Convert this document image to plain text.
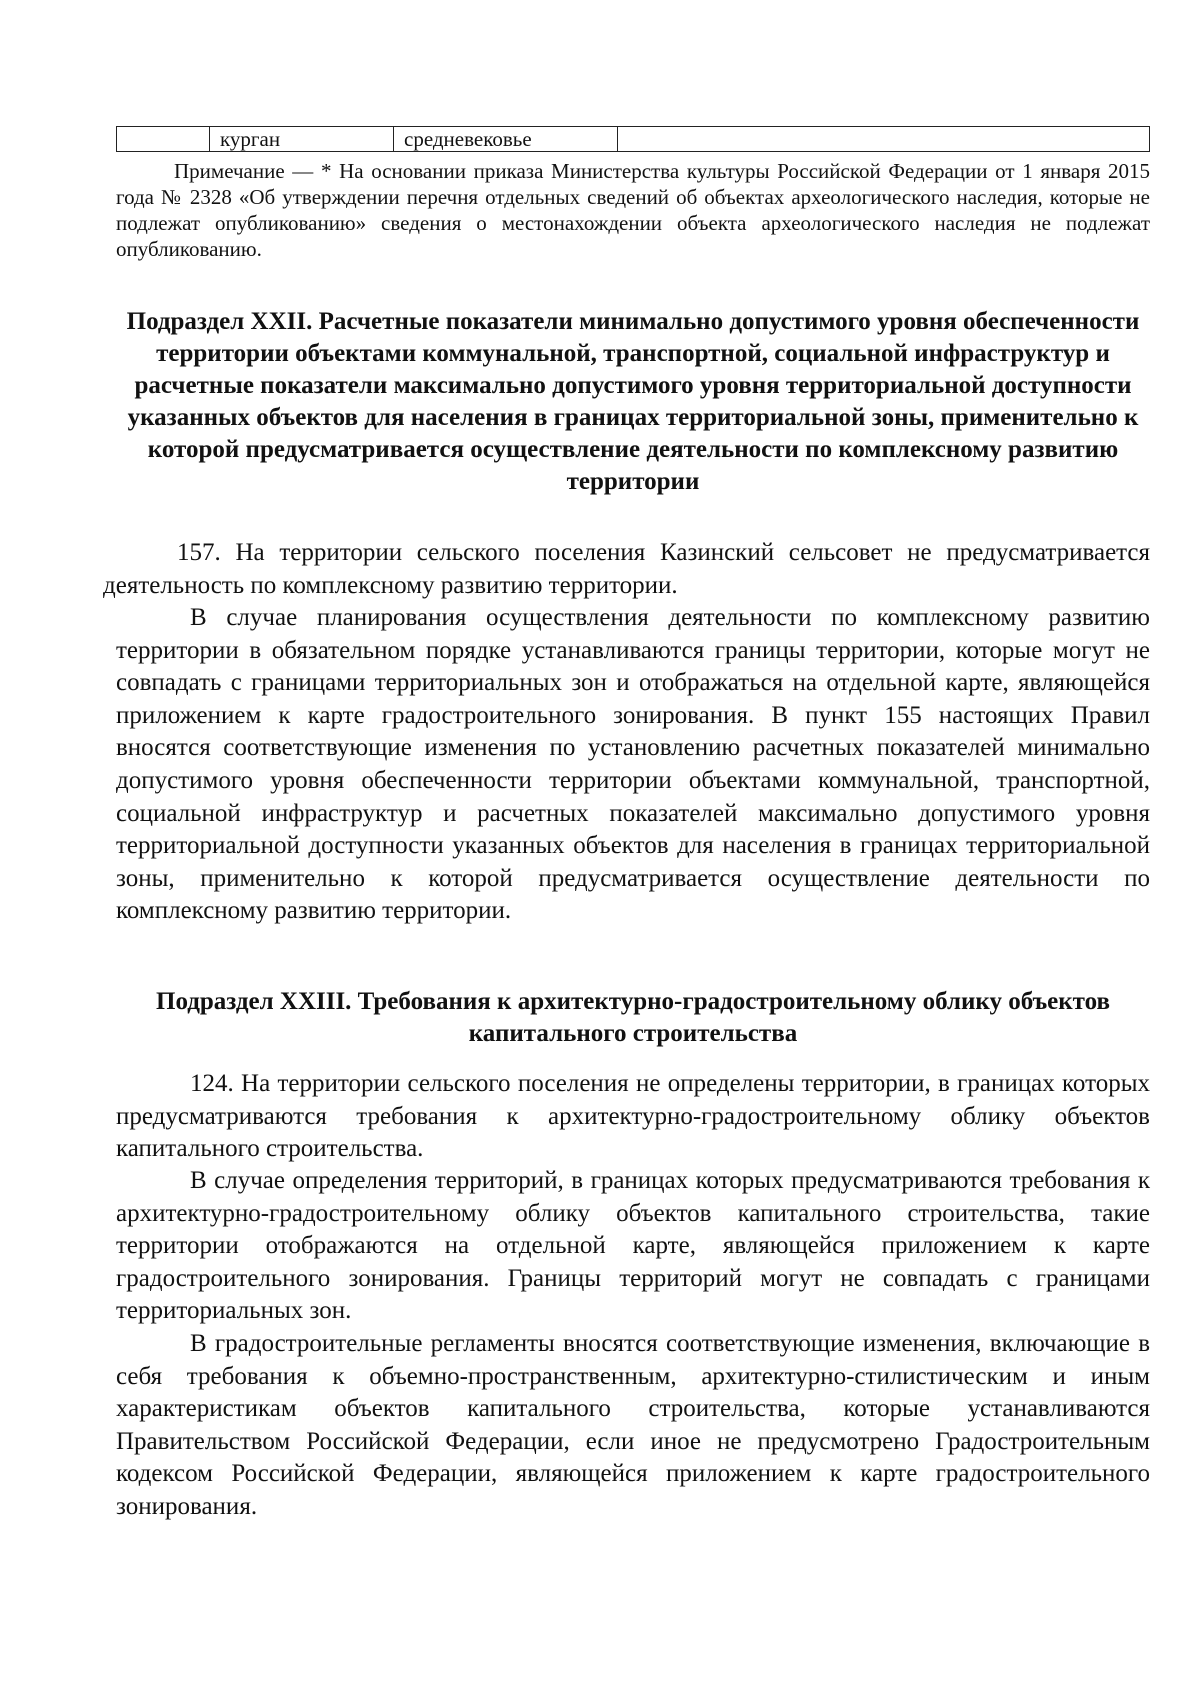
	курган	средневековье	

Примечание — * На основании приказа Министерства культуры Российской Федерации от 1 января 2015 года № 2328 «Об утверждении перечня отдельных сведений об объектах археологического наследия, которые не подлежат опубликованию» сведения о местонахождении объекта археологического наследия не подлежат опубликованию.

Подраздел XXII. Расчетные показатели минимально допустимого уровня обеспеченности территории объектами коммунальной, транспортной, социальной инфраструктур и расчетные показатели максимально допустимого уровня территориальной доступности указанных объектов для населения в границах территориальной зоны, применительно к которой предусматривается осуществление деятельности по комплексному развитию территории

157. На территории сельского поселения Казинский сельсовет не предусматривается деятельность по комплексному развитию территории.

В случае планирования осуществления деятельности по комплексному развитию территории в обязательном порядке устанавливаются границы территории, которые могут не совпадать с границами территориальных зон и отображаться на отдельной карте, являющейся приложением к карте градостроительного зонирования. В пункт 155 настоящих Правил вносятся соответствующие изменения по установлению расчетных показателей минимально допустимого уровня обеспеченности территории объектами коммунальной, транспортной, социальной инфраструктур и расчетных показателей максимально допустимого уровня территориальной доступности указанных объектов для населения в границах территориальной зоны, применительно к которой предусматривается осуществление деятельности по комплексному развитию территории.

Подраздел XXIII. Требования к архитектурно-градостроительному облику объектов капитального строительства

124. На территории сельского поселения не определены территории, в границах которых предусматриваются требования к архитектурно-градостроительному облику объектов капитального строительства.

В случае определения территорий, в границах которых предусматриваются требования к архитектурно-градостроительному облику объектов капитального строительства, такие территории отображаются на отдельной карте, являющейся приложением к карте градостроительного зонирования. Границы территорий могут не совпадать с границами территориальных зон.

В градостроительные регламенты вносятся соответствующие изменения, включающие в себя требования к объемно-пространственным, архитектурно-стилистическим и иным характеристикам объектов капитального строительства, которые устанавливаются Правительством Российской Федерации, если иное не предусмотрено Градостроительным кодексом Российской Федерации, являющейся приложением к карте градостроительного зонирования.
